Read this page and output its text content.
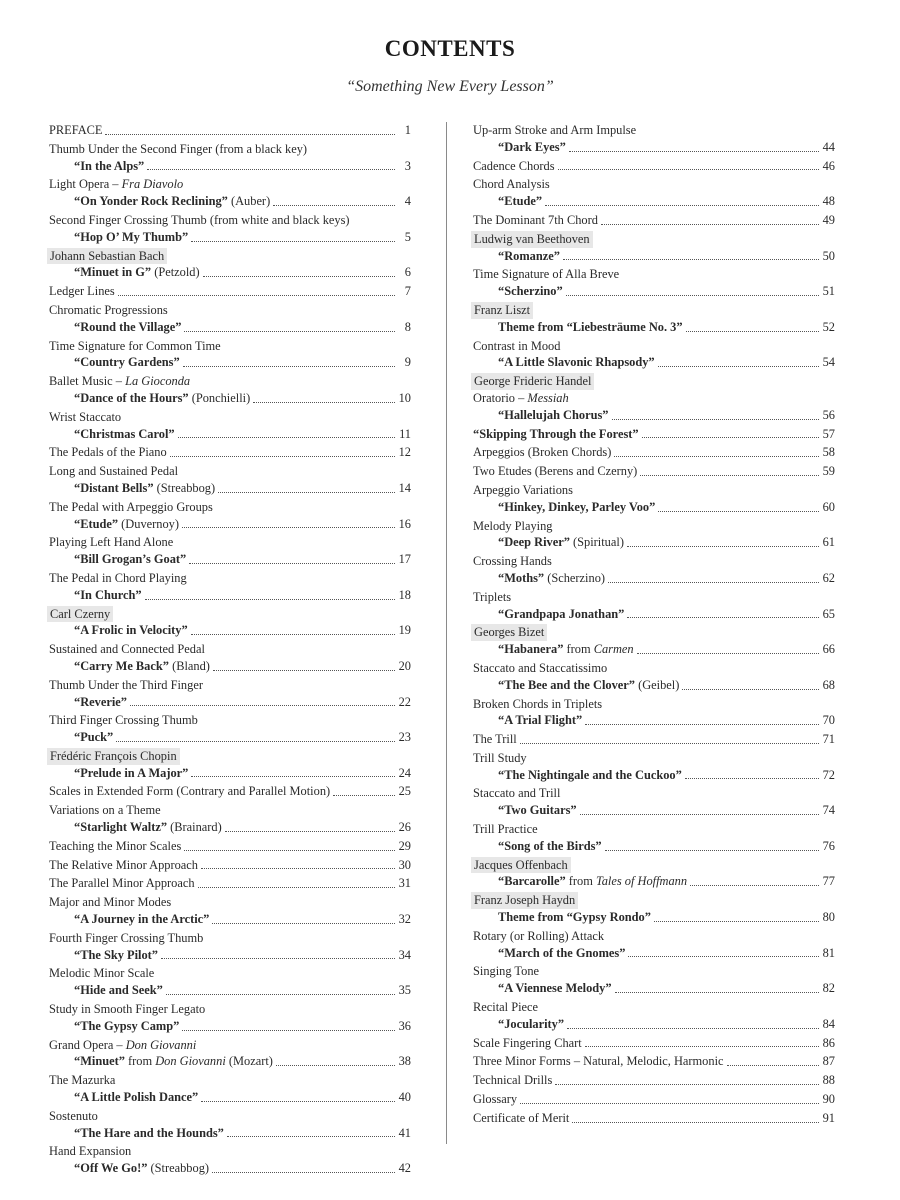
CONTENTS
“Something New Every Lesson”
PREFACE	1
Thumb Under the Second Finger (from a black key)
“In the Alps”	3
Light Opera – Fra Diavolo
“On Yonder Rock Reclining” (Auber)	4
Second Finger Crossing Thumb (from white and black keys)
“Hop O’ My Thumb”	5
Johann Sebastian Bach
“Minuet in G” (Petzold)	6
Ledger Lines	7
Chromatic Progressions
“Round the Village”	8
Time Signature for Common Time
“Country Gardens”	9
Ballet Music – La Gioconda
“Dance of the Hours” (Ponchielli)	10
Wrist Staccato
“Christmas Carol”	11
The Pedals of the Piano	12
Long and Sustained Pedal
“Distant Bells” (Streabbog)	14
The Pedal with Arpeggio Groups
“Etude” (Duvernoy)	16
Playing Left Hand Alone
“Bill Grogan’s Goat”	17
The Pedal in Chord Playing
“In Church”	18
Carl Czerny
“A Frolic in Velocity”	19
Sustained and Connected Pedal
“Carry Me Back” (Bland)	20
Thumb Under the Third Finger
“Reverie”	22
Third Finger Crossing Thumb
“Puck”	23
Frédéric François Chopin
“Prelude in A Major”	24
Scales in Extended Form (Contrary and Parallel Motion)	25
Variations on a Theme
“Starlight Waltz” (Brainard)	26
Teaching the Minor Scales	29
The Relative Minor Approach	30
The Parallel Minor Approach	31
Major and Minor Modes
“A Journey in the Arctic”	32
Fourth Finger Crossing Thumb
“The Sky Pilot”	34
Melodic Minor Scale
“Hide and Seek”	35
Study in Smooth Finger Legato
“The Gypsy Camp”	36
Grand Opera – Don Giovanni
“Minuet” from Don Giovanni (Mozart)	38
The Mazurka
“A Little Polish Dance”	40
Sostenuto
“The Hare and the Hounds”	41
Hand Expansion
“Off We Go!” (Streabbog)	42
Up-arm Stroke and Arm Impulse
“Dark Eyes”	44
Cadence Chords	46
Chord Analysis
“Etude”	48
The Dominant 7th Chord	49
Ludwig van Beethoven
“Romanze”	50
Time Signature of Alla Breve
“Scherzino”	51
Franz Liszt
Theme from “Liebesträume No. 3”	52
Contrast in Mood
“A Little Slavonic Rhapsody”	54
George Frideric Handel
Oratorio – Messiah
“Hallelujah Chorus”	56
“Skipping Through the Forest”	57
Arpeggios (Broken Chords)	58
Two Etudes (Berens and Czerny)	59
Arpeggio Variations
“Hinkey, Dinkey, Parley Voo”	60
Melody Playing
“Deep River” (Spiritual)	61
Crossing Hands
“Moths” (Scherzino)	62
Triplets
“Grandpapa Jonathan”	65
Georges Bizet
“Habanera” from Carmen	66
Staccato and Staccatissimo
“The Bee and the Clover” (Geibel)	68
Broken Chords in Triplets
“A Trial Flight”	70
The Trill	71
Trill Study
“The Nightingale and the Cuckoo”	72
Staccato and Trill
“Two Guitars”	74
Trill Practice
“Song of the Birds”	76
Jacques Offenbach
“Barcarolle” from Tales of Hoffmann	77
Franz Joseph Haydn
Theme from “Gypsy Rondo”	80
Rotary (or Rolling) Attack
“March of the Gnomes”	81
Singing Tone
“A Viennese Melody”	82
Recital Piece
“Jocularity”	84
Scale Fingering Chart	86
Three Minor Forms – Natural, Melodic, Harmonic	87
Technical Drills	88
Glossary	90
Certificate of Merit	91
